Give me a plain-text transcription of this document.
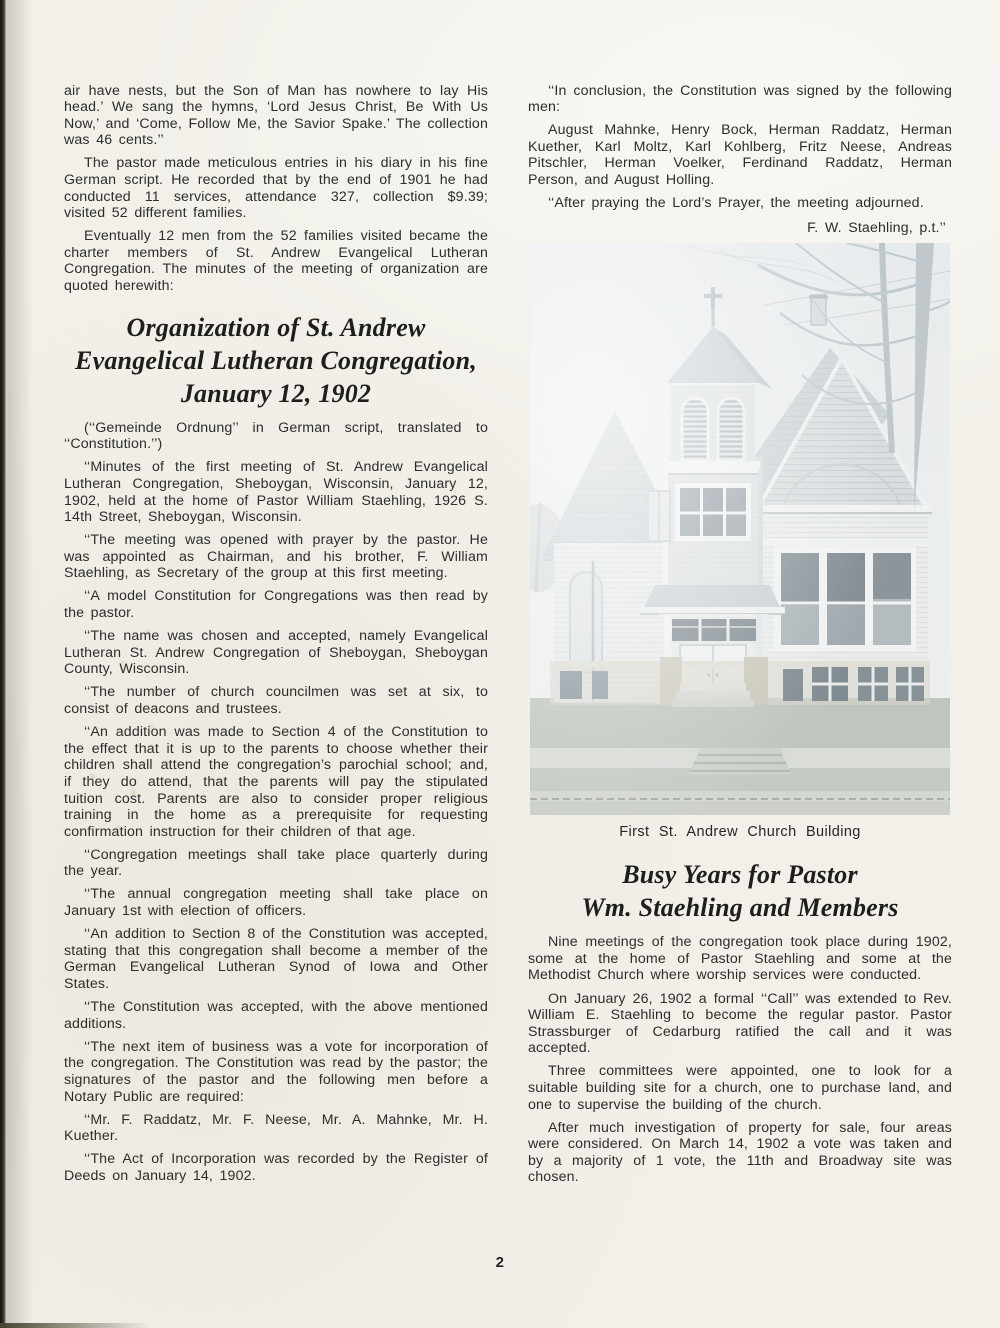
air have nests, but the Son of Man has nowhere to lay His head.’ We sang the hymns, ‘Lord Jesus Christ, Be With Us Now,’ and ‘Come, Follow Me, the Savior Spake.’ The collection was 46 cents.’’

The pastor made meticulous entries in his diary in his fine German script. He recorded that by the end of 1901 he had conducted 11 services, attendance 327, collection $9.39; visited 52 different families.

Eventually 12 men from the 52 families visited became the charter members of St. Andrew Evangelical Lutheran Congregation. The minutes of the meeting of organization are quoted herewith:

Organization of St. Andrew
Evangelical Lutheran Congregation,
January 12, 1902

(‘‘Gemeinde Ordnung’’ in German script, translated to ‘‘Constitution.’’)

‘‘Minutes of the first meeting of St. Andrew Evangelical Lutheran Congregation, Sheboygan, Wisconsin, January 12, 1902, held at the home of Pastor William Staehling, 1926 S. 14th Street, Sheboygan, Wisconsin.

‘‘The meeting was opened with prayer by the pastor. He was appointed as Chairman, and his brother, F. William Staehling, as Secretary of the group at this first meeting.

‘‘A model Constitution for Congregations was then read by the pastor.

‘‘The name was chosen and accepted, namely Evangelical Lutheran St. Andrew Congregation of Sheboygan, Sheboygan County, Wisconsin.

‘‘The number of church councilmen was set at six, to consist of deacons and trustees.

‘‘An addition was made to Section 4 of the Constitution to the effect that it is up to the parents to choose whether their children shall attend the congregation’s parochial school; and, if they do attend, that the parents will pay the stipulated tuition cost. Parents are also to consider proper religious training in the home as a prerequisite for requesting confirmation instruction for their children of that age.

‘‘Congregation meetings shall take place quarterly during the year.

‘‘The annual congregation meeting shall take place on January 1st with election of officers.

‘‘An addition to Section 8 of the Constitution was accepted, stating that this congregation shall become a member of the German Evangelical Lutheran Synod of Iowa and Other States.

‘‘The Constitution was accepted, with the above mentioned additions.

‘‘The next item of business was a vote for incorporation of the congregation. The Constitution was read by the pastor; the signatures of the pastor and the following men before a Notary Public are required:

‘‘Mr. F. Raddatz, Mr. F. Neese, Mr. A. Mahnke, Mr. H. Kuether.

‘‘The Act of Incorporation was recorded by the Register of Deeds on January 14, 1902.

‘‘In conclusion, the Constitution was signed by the following men:

August Mahnke, Henry Bock, Herman Raddatz, Herman Kuether, Karl Moltz, Karl Kohlberg, Fritz Neese, Andreas Pitschler, Herman Voelker, Ferdinand Raddatz, Herman Person, and August Holling.

‘‘After praying the Lord’s Prayer, the meeting adjourned.

F. W. Staehling, p.t.’’

First St. Andrew Church Building
Busy Years for Pastor
Wm. Staehling and Members

Nine meetings of the congregation took place during 1902, some at the home of Pastor Staehling and some at the Methodist Church where worship services were conducted.

On January 26, 1902 a formal ‘‘Call’’ was extended to Rev. William E. Staehling to become the regular pastor. Pastor Strassburger of Cedarburg ratified the call and it was accepted.

Three committees were appointed, one to look for a suitable building site for a church, one to purchase land, and one to supervise the building of the church.

After much investigation of property for sale, four areas were considered. On March 14, 1902 a vote was taken and by a majority of 1 vote, the 11th and Broadway site was chosen.

2
